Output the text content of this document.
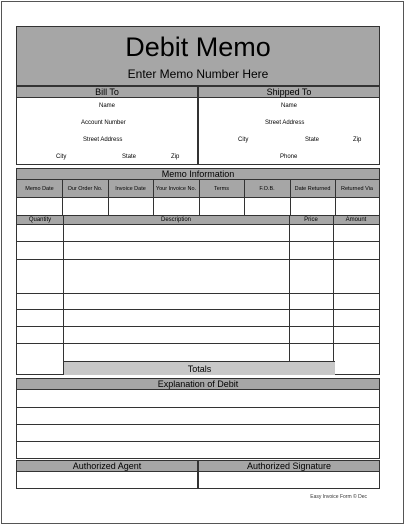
Debit Memo
Enter Memo Number Here
Bill To	Shipped To
Name
Account Number
Street Address
City	State	Zip
Name
Street Address
City	State	Zip
Phone
Memo Information
Memo Date	Our Order No.	Invoice Date	Your Invoice No.	Terms	F.O.B.	Date Returned	Returned Via
Quantity	Description	Price	Amount
Totals
Explanation of Debit
Authorized Agent	Authorized Signature
Easy Invoice Form © Dec
